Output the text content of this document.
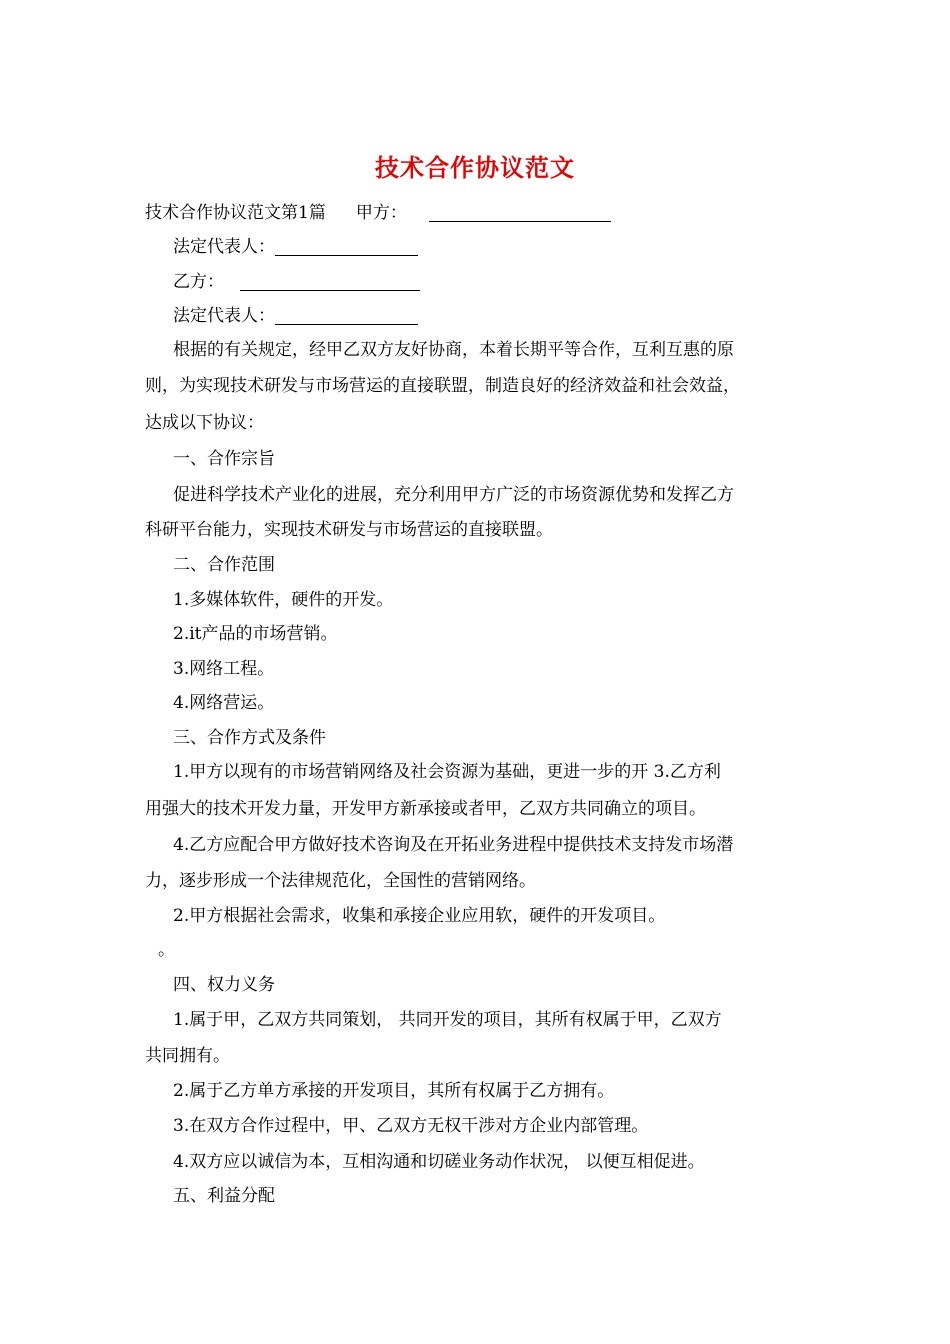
技术合作协议范文
技术合作协议范文第1篇 甲方：
法定代表人：
乙方：
法定代表人：
根据的有关规定，经甲乙双方友好协商，本着长期平等合作，互利互惠的原
则，为实现技术研发与市场营运的直接联盟，制造良好的经济效益和社会效益，
达成以下协议：
一、合作宗旨
促进科学技术产业化的进展，充分利用甲方广泛的市场资源优势和发挥乙方
科研平台能力，实现技术研发与市场营运的直接联盟。
二、合作范围
1.多媒体软件，硬件的开发。
2.it产品的市场营销。
3.网络工程。
4.网络营运。
三、合作方式及条件
1.甲方以现有的市场营销网络及社会资源为基础，更进一步的开 3.乙方利
用强大的技术开发力量，开发甲方新承接或者甲，乙双方共同确立的项目。
4.乙方应配合甲方做好技术咨询及在开拓业务进程中提供技术支持发市场潜
力，逐步形成一个法律规范化，全国性的营销网络。
2.甲方根据社会需求，收集和承接企业应用软，硬件的开发项目。
。
四、权力义务
1.属于甲，乙双方共同策划， 共同开发的项目，其所有权属于甲，乙双方
共同拥有。
2.属于乙方单方承接的开发项目，其所有权属于乙方拥有。
3.在双方合作过程中，甲、乙双方无权干涉对方企业内部管理。
4.双方应以诚信为本，互相沟通和切磋业务动作状况， 以便互相促进。
五、利益分配
